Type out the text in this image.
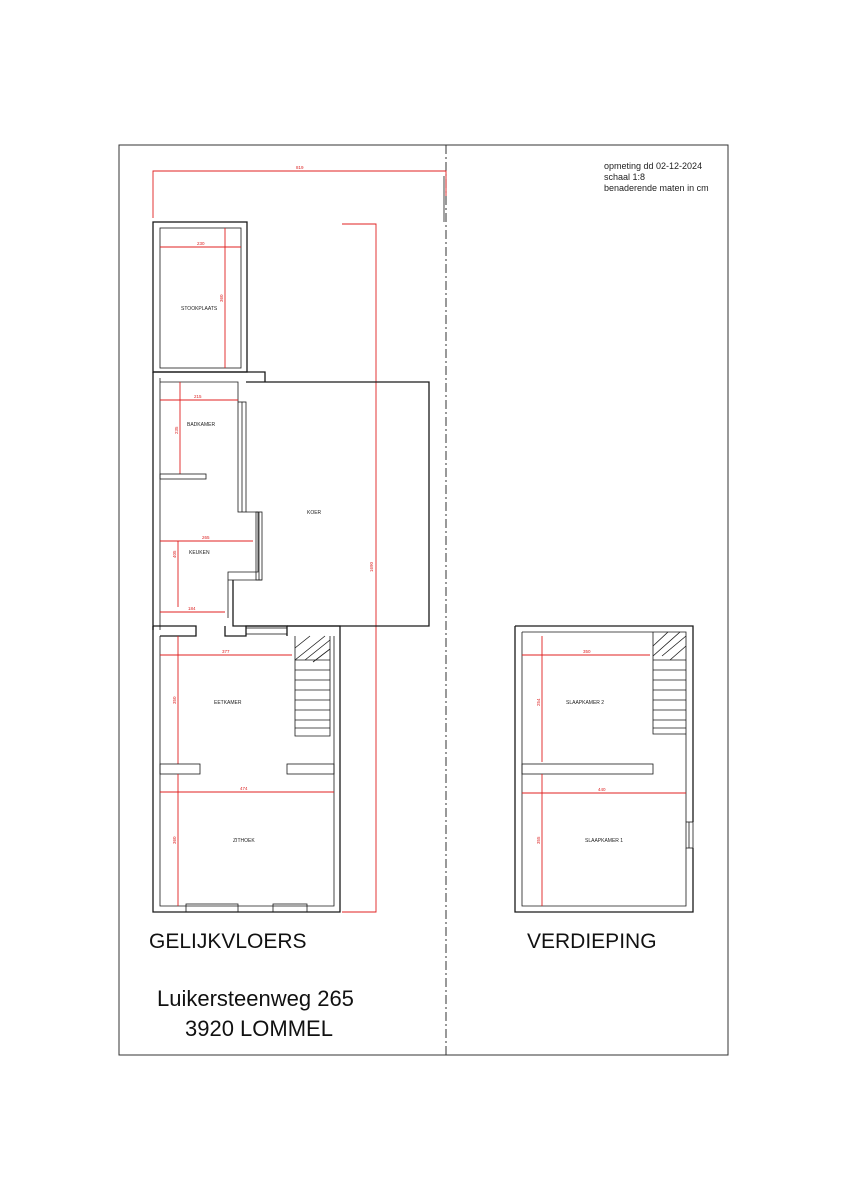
opmeting dd 02-12-2024
schaal 1:8
benaderende maten in cm
819
1690
230
360
STOOKPLAATS
KOER
215
235
BADKAMER
265
405 KEUKEN
184
377
350	EETKAMER
474
360	ZITHOEK
350
254	SLAAPKAMER 2
440
355	SLAAPKAMER 1
GELIJKVLOERS	VERDIEPING
Luikersteenweg 265
3920 LOMMEL
